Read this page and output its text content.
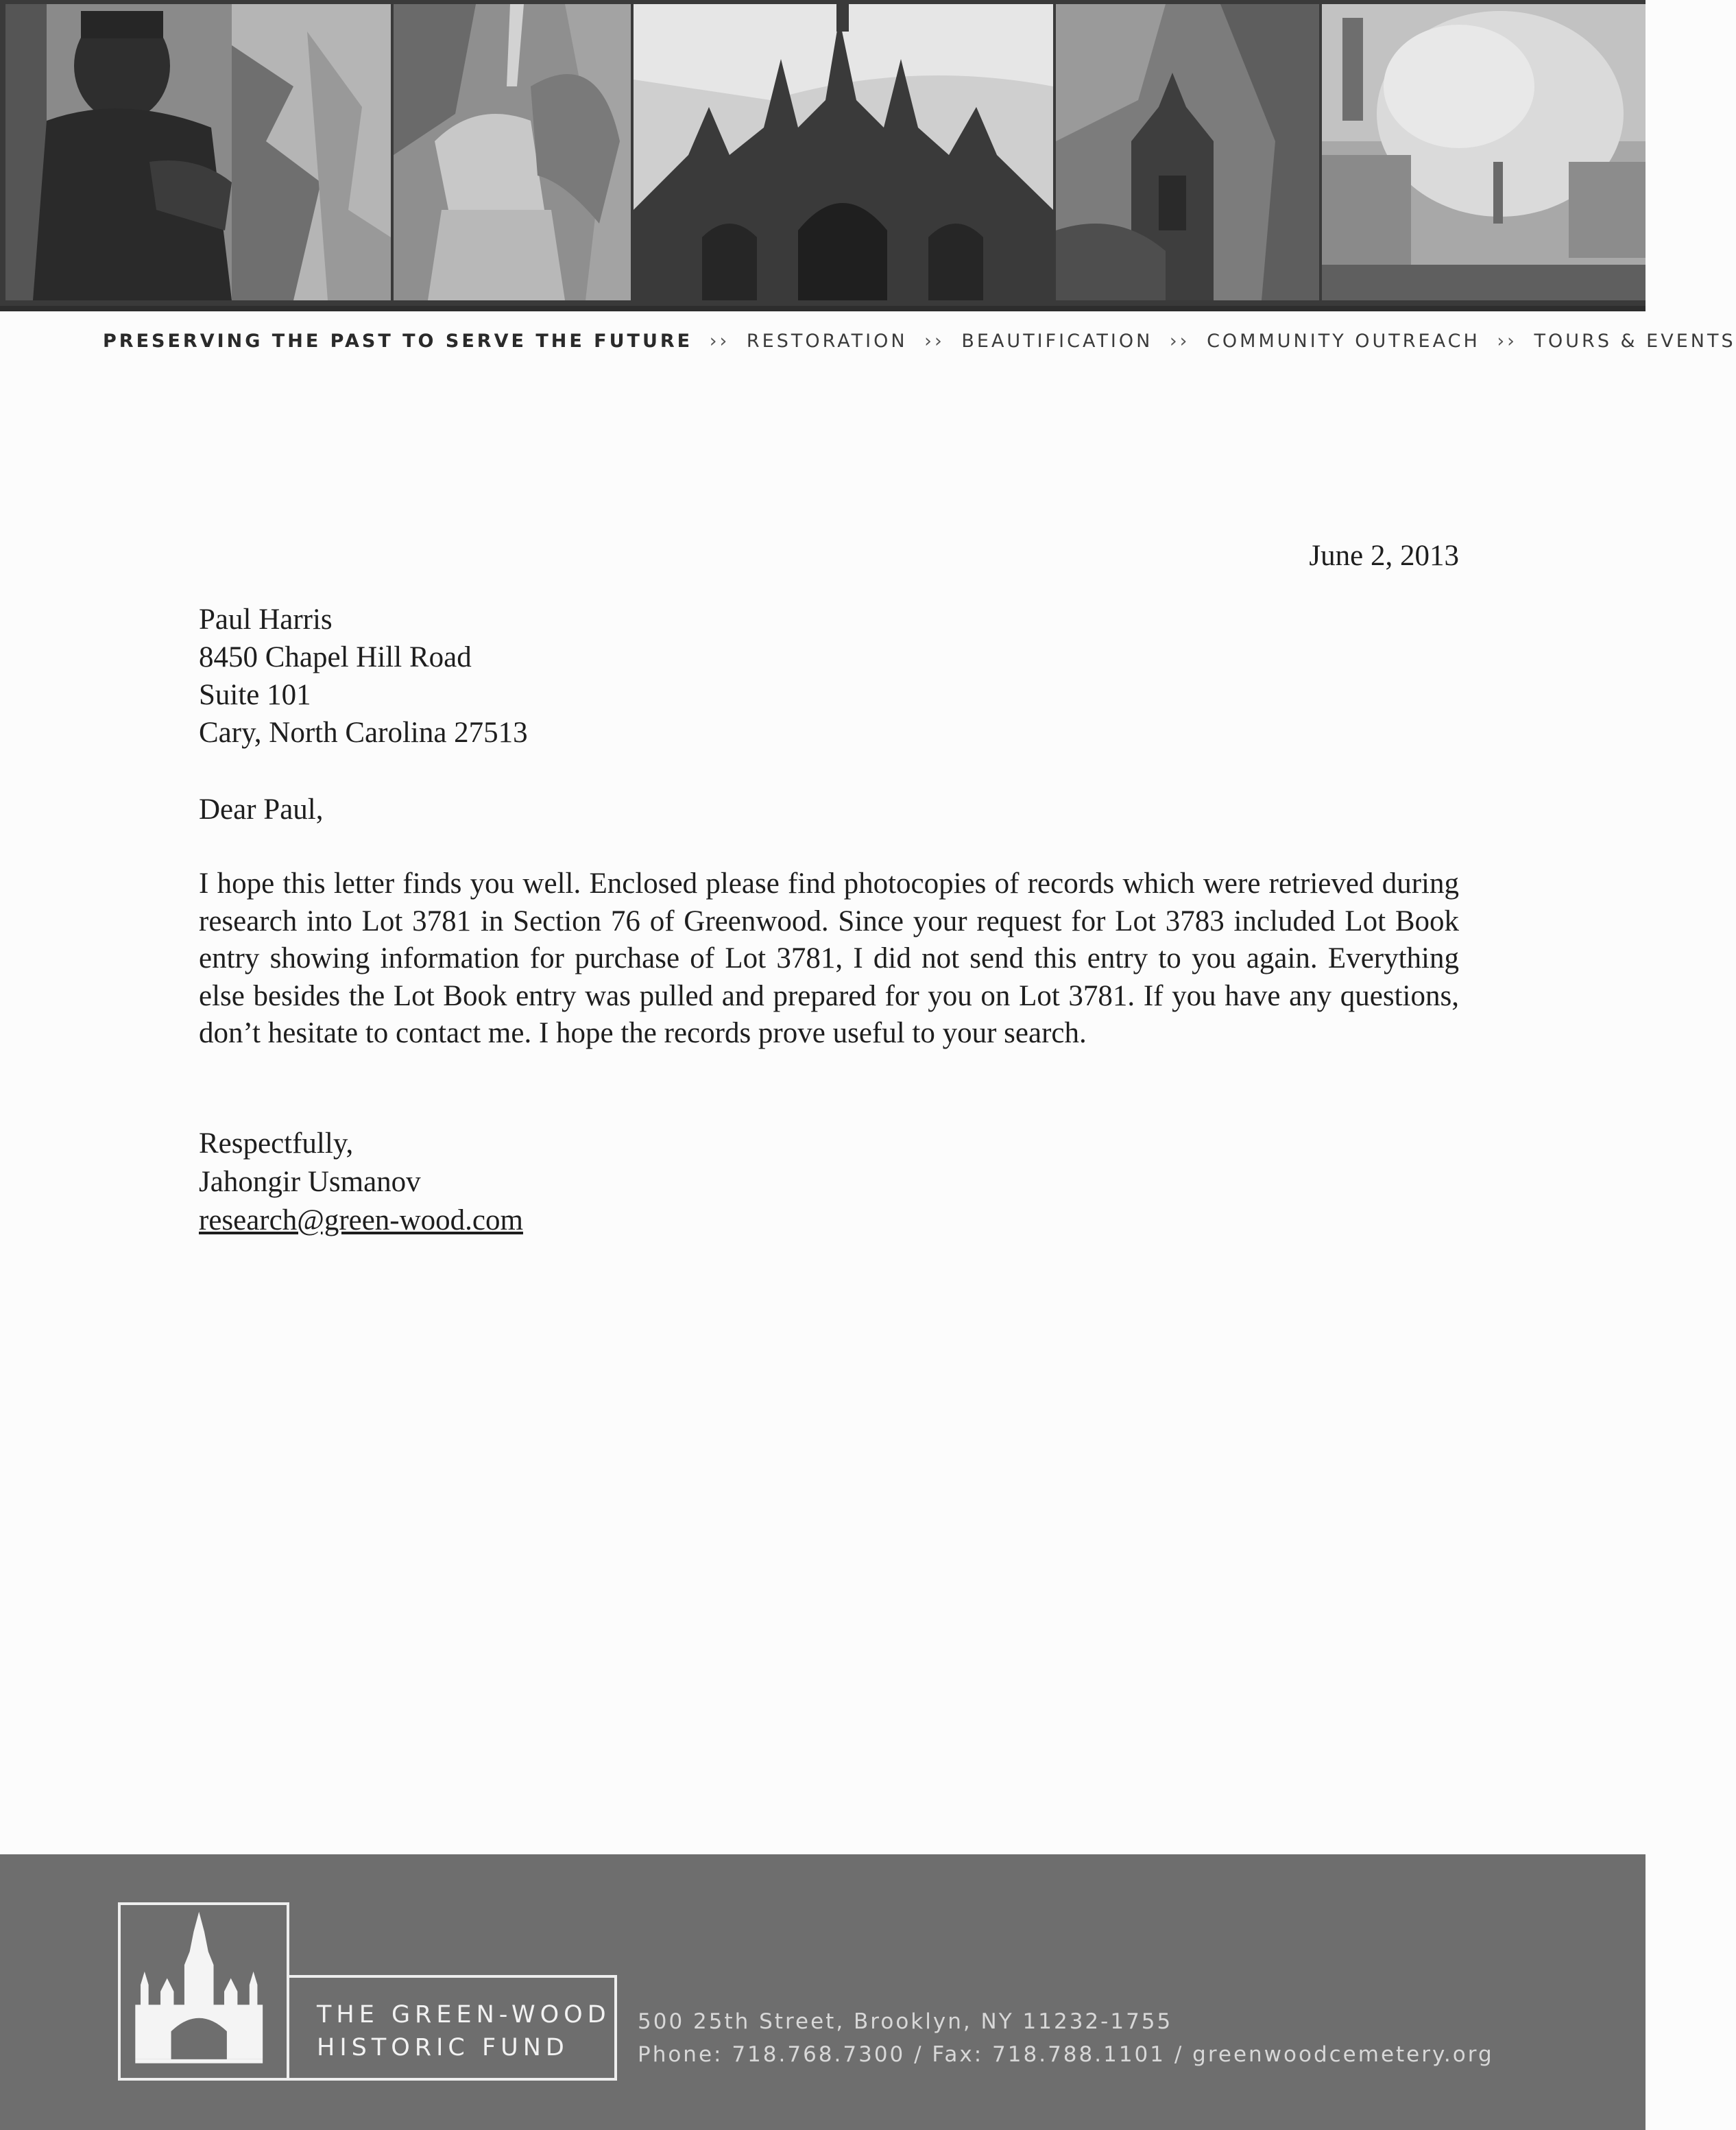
PRESERVING THE PAST TO SERVE THE FUTURE ›› RESTORATION ›› BEAUTIFICATION ›› COMMUNITY OUTREACH ›› TOURS & EVENTS
June 2, 2013
Paul Harris
8450 Chapel Hill Road
Suite 101
Cary, North Carolina 27513
Dear Paul,
I hope this letter finds you well. Enclosed please find photocopies of records which were retrieved during research into Lot 3781 in Section 76 of Greenwood. Since your request for Lot 3783 included Lot Book entry showing information for purchase of Lot 3781, I did not send this entry to you again. Everything else besides the Lot Book entry was pulled and prepared for you on Lot 3781. If you have any questions, don’t hesitate to contact me. I hope the records prove useful to your search.
Respectfully,
Jahongir Usmanov
research@green-wood.com
THE GREEN-WOOD
HISTORIC FUND
500 25th Street, Brooklyn, NY 11232-1755
Phone: 718.768.7300 / Fax: 718.788.1101 / greenwoodcemetery.org
